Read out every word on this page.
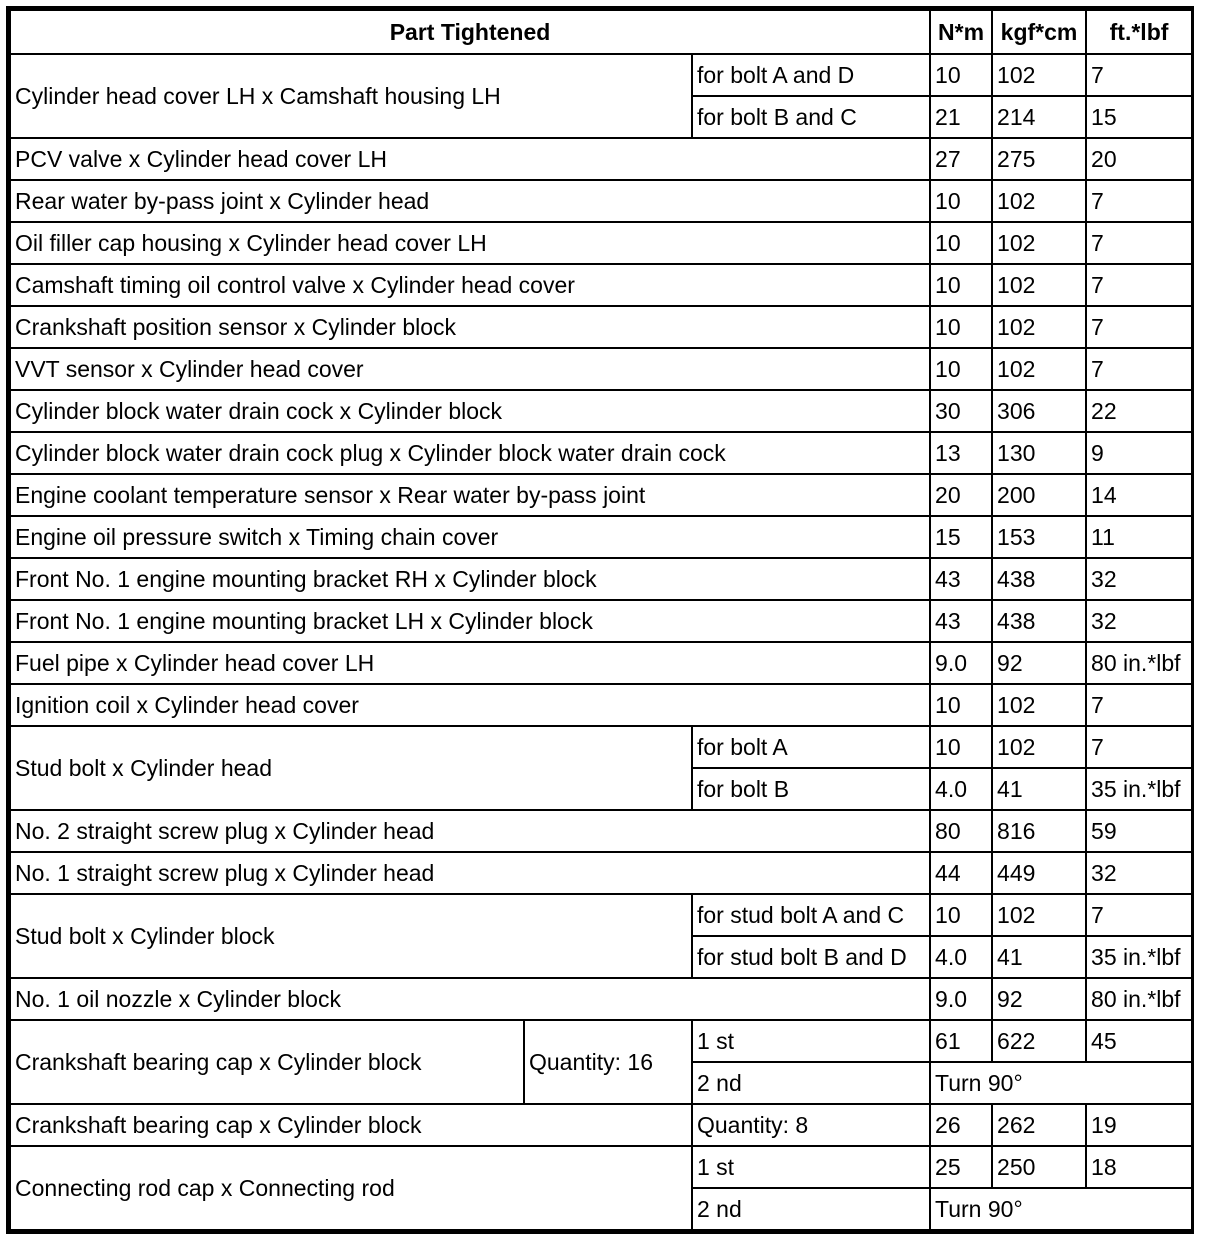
Part Tightened			N*m	kgf*cm	ft.*lbf
Cylinder head cover LH x Camshaft housing LH		for bolt A and D	10	102	7
		for bolt B and C	21	214	15
PCV valve x Cylinder head cover LH			27	275	20
Rear water by-pass joint x Cylinder head			10	102	7
Oil filler cap housing x Cylinder head cover LH			10	102	7
Camshaft timing oil control valve x Cylinder head cover			10	102	7
Crankshaft position sensor x Cylinder block			10	102	7
VVT sensor x Cylinder head cover			10	102	7
Cylinder block water drain cock x Cylinder block			30	306	22
Cylinder block water drain cock plug x Cylinder block water drain cock			13	130	9
Engine coolant temperature sensor x Rear water by-pass joint			20	200	14
Engine oil pressure switch x Timing chain cover			15	153	11
Front No. 1 engine mounting bracket RH x Cylinder block			43	438	32
Front No. 1 engine mounting bracket LH x Cylinder block			43	438	32
Fuel pipe x Cylinder head cover LH			9.0	92	80 in.*lbf
Ignition coil x Cylinder head cover			10	102	7
Stud bolt x Cylinder head		for bolt A	10	102	7
		for bolt B	4.0	41	35 in.*lbf
No. 2 straight screw plug x Cylinder head			80	816	59
No. 1 straight screw plug x Cylinder head			44	449	32
Stud bolt x Cylinder block		for stud bolt A and C	10	102	7
		for stud bolt B and D	4.0	41	35 in.*lbf
No. 1 oil nozzle x Cylinder block			9.0	92	80 in.*lbf
Crankshaft bearing cap x Cylinder block	Quantity: 16	1 st	61	622	45
		2 nd	Turn 90°		
Crankshaft bearing cap x Cylinder block		Quantity: 8	26	262	19
Connecting rod cap x Connecting rod		1 st	25	250	18
		2 nd	Turn 90°		
